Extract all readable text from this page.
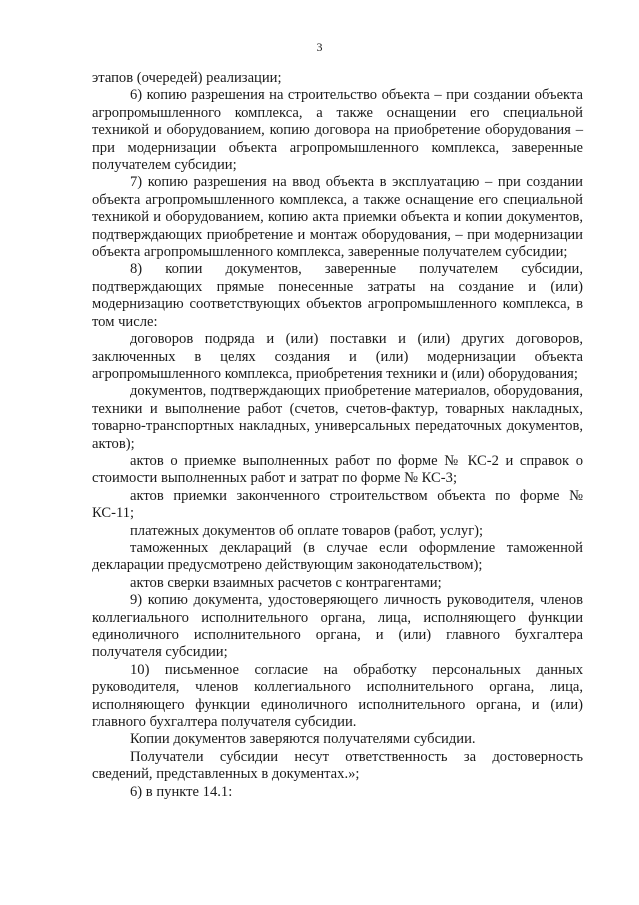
3

этапов (очередей) реализации;

6) копию разрешения на строительство объекта – при создании объекта агропромышленного комплекса, а также оснащении его специальной техникой и оборудованием, копию договора на приобретение оборудования – при модернизации объекта агропромышленного комплекса, заверенные получателем субсидии;

7) копию разрешения на ввод объекта в эксплуатацию – при создании объекта агропромышленного комплекса, а также оснащение его специальной техникой и оборудованием, копию акта приемки объекта и копии документов, подтверждающих приобретение и монтаж оборудования, – при модернизации объекта агропромышленного комплекса, заверенные получателем субсидии;

8) копии документов, заверенные получателем субсидии, подтверждающих прямые понесенные затраты на создание и (или) модернизацию соответствующих объектов агропромышленного комплекса, в том числе:

договоров подряда и (или) поставки и (или) других договоров, заключенных в целях создания и (или) модернизации объекта агропромышленного комплекса, приобретения техники и (или) оборудования;

документов, подтверждающих приобретение материалов, оборудования, техники и выполнение работ (счетов, счетов-фактур, товарных накладных, товарно-транспортных накладных, универсальных передаточных документов, актов);

актов о приемке выполненных работ по форме № КС-2 и справок о стоимости выполненных работ и затрат по форме № КС-3;

актов приемки законченного строительством объекта по форме № КС-11;

платежных документов об оплате товаров (работ, услуг);

таможенных деклараций (в случае если оформление таможенной декларации предусмотрено действующим законодательством);

актов сверки взаимных расчетов с контрагентами;

9) копию документа, удостоверяющего личность руководителя, членов коллегиального исполнительного органа, лица, исполняющего функции единоличного исполнительного органа, и (или) главного бухгалтера получателя субсидии;

10) письменное согласие на обработку персональных данных руководителя, членов коллегиального исполнительного органа, лица, исполняющего функции единоличного исполнительного органа, и (или) главного бухгалтера получателя субсидии.

Копии документов заверяются получателями субсидии.

Получатели субсидии несут ответственность за достоверность сведений, представленных в документах.»;

6) в пункте 14.1:
